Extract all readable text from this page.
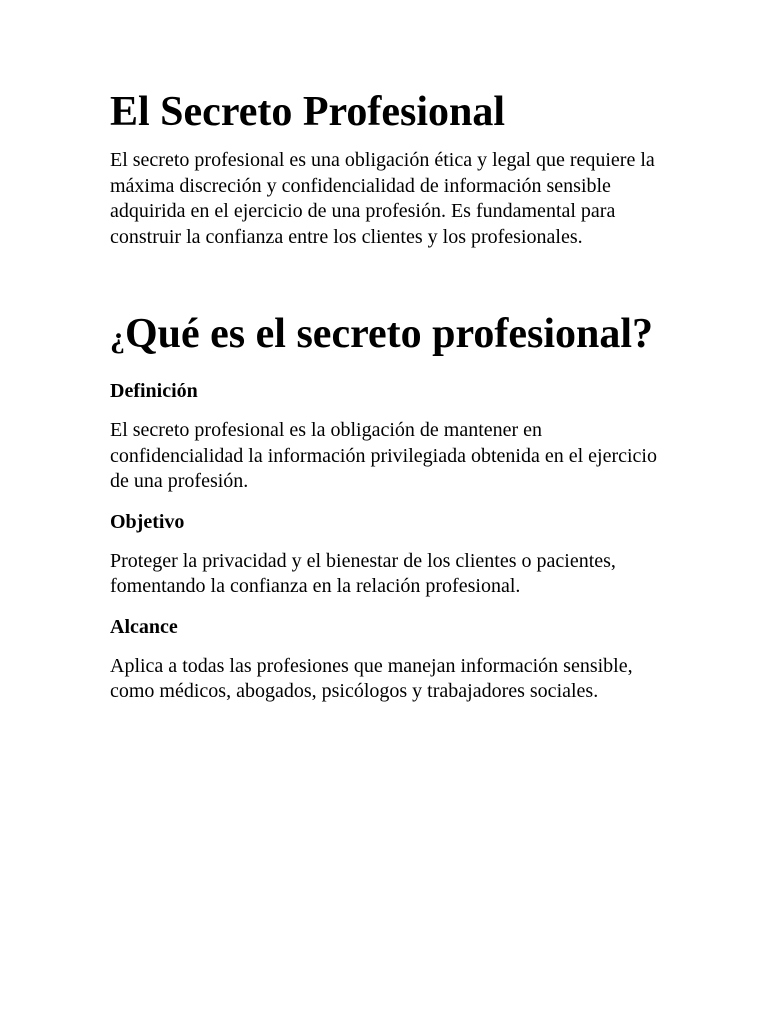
El Secreto Profesional

El secreto profesional es una obligación ética y legal que requiere la máxima discreción y confidencialidad de información sensible adquirida en el ejercicio de una profesión. Es fundamental para construir la confianza entre los clientes y los profesionales.

¿Qué es el secreto profesional?

Definición

El secreto profesional es la obligación de mantener en confidencialidad la información privilegiada obtenida en el ejercicio de una profesión.

Objetivo

Proteger la privacidad y el bienestar de los clientes o pacientes, fomentando la confianza en la relación profesional.

Alcance

Aplica a todas las profesiones que manejan información sensible, como médicos, abogados, psicólogos y trabajadores sociales.
